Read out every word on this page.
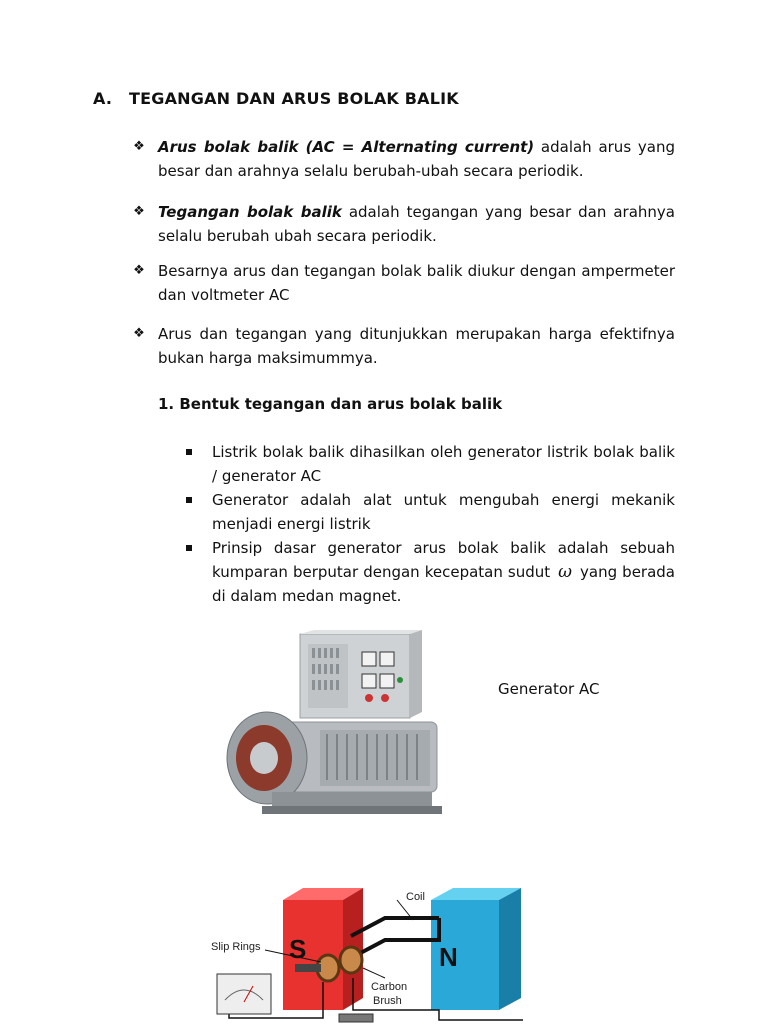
A. TEGANGAN DAN ARUS BOLAK BALIK
❖ Arus bolak balik (AC = Alternating current) adalah arus yang besar dan arahnya selalu berubah-ubah secara periodik.
❖ Tegangan bolak balik adalah tegangan yang besar dan arahnya selalu berubah ubah secara periodik.
❖ Besarnya arus dan tegangan bolak balik diukur dengan ampermeter dan voltmeter AC
❖ Arus dan tegangan yang ditunjukkan merupakan harga efektifnya bukan harga maksimummya.
1. Bentuk tegangan dan arus bolak balik
Listrik bolak balik dihasilkan oleh generator listrik bolak balik / generator AC
Generator adalah alat untuk mengubah energi mekanik menjadi energi listrik
Prinsip dasar generator arus bolak balik adalah sebuah kumparan berputar dengan kecepatan sudut ω yang berada di dalam medan magnet.
Generator AC
Coil
Slip Rings S	N
Carbon
Brush
